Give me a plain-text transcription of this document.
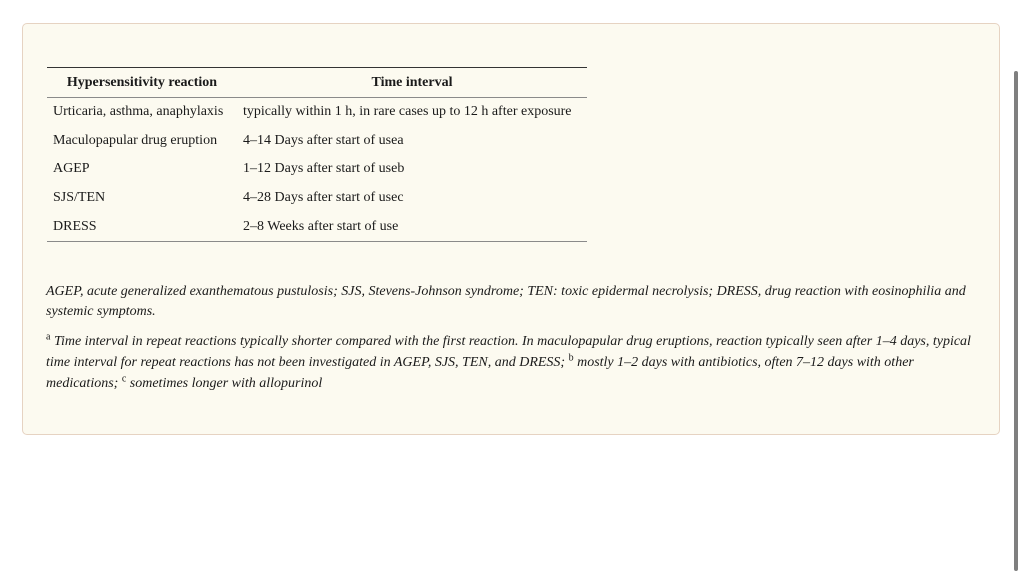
Hypersensitivity reaction	Time interval
Urticaria, asthma, anaphylaxis	typically within 1 h, in rare cases up to 12 h after exposure
Maculopapular drug eruption	4–14 Days after start of usea
AGEP	1–12 Days after start of useb
SJS/TEN	4–28 Days after start of usec
DRESS	2–8 Weeks after start of use

AGEP, acute generalized exanthematous pustulosis; SJS, Stevens-Johnson syndrome; TEN: toxic epidermal necrolysis; DRESS, drug reaction with eosinophilia and systemic symptoms.

$^a$ Time interval in repeat reactions typically shorter compared with the first reaction. In maculopapular drug eruptions, reaction typically seen after 1–4 days, typical time interval for repeat reactions has not been investigated in AGEP, SJS, TEN, and DRESS; $^b$ mostly 1–2 days with antibiotics, often 7–12 days with other medications; $^c$ sometimes longer with allopurinol
